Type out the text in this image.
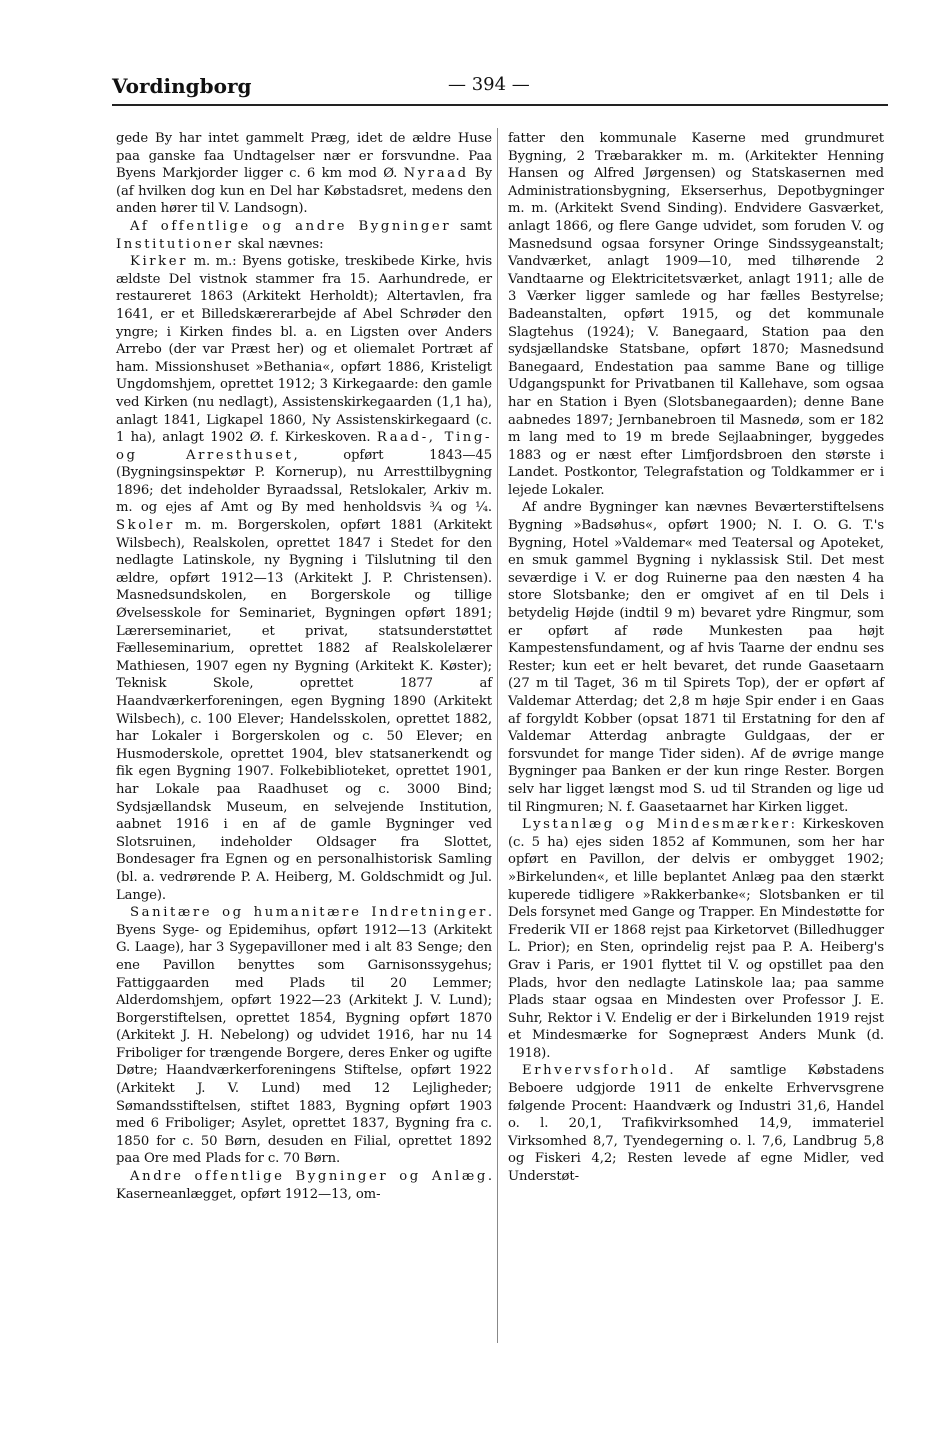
Vordingborg	— 394 —

gede By har intet gammelt Præg, idet de ældre Huse paa ganske faa Undtagelser nær er forsvundne. Paa Byens Markjorder ligger c. 6 km mod Ø. Nyraad By (af hvilken dog kun en Del har Købstadsret, medens den anden hører til V. Landsogn).

Af offentlige og andre Bygninger samt Institutioner skal nævnes:

Kirker m. m.: Byens gotiske, treskibede Kirke, hvis ældste Del vistnok stammer fra 15. Aarhundrede, er restaureret 1863 (Arkitekt Herholdt); Altertavlen, fra 1641, er et Billedskærerarbejde af Abel Schrøder den yngre; i Kirken findes bl. a. en Ligsten over Anders Arrebo (der var Præst her) og et oliemalet Portræt af ham. Missionshuset »Bethania«, opført 1886, Kristeligt Ungdomshjem, oprettet 1912; 3 Kirkegaarde: den gamle ved Kirken (nu nedlagt), Assistenskirkegaarden (1,1 ha), anlagt 1841, Ligkapel 1860, Ny Assistenskirkegaard (c. 1 ha), anlagt 1902 Ø. f. Kirkeskoven. Raad-, Ting- og Arresthuset, opført 1843—45 (Bygningsinspektør P. Kornerup), nu Arresttilbygning 1896; det indeholder Byraadssal, Retslokaler, Arkiv m. m. og ejes af Amt og By med henholdsvis ¾ og ¼. Skoler m. m. Borgerskolen, opført 1881 (Arkitekt Wilsbech), Realskolen, oprettet 1847 i Stedet for den nedlagte Latinskole, ny Bygning i Tilslutning til den ældre, opført 1912—13 (Arkitekt J. P. Christensen). Masnedsundskolen, en Borgerskole og tillige Øvelsesskole for Seminariet, Bygningen opført 1891; Lærerseminariet, et privat, statsunderstøttet Fælleseminarium, oprettet 1882 af Realskolelærer Mathiesen, 1907 egen ny Bygning (Arkitekt K. Køster); Teknisk Skole, oprettet 1877 af Haandværkerforeningen, egen Bygning 1890 (Arkitekt Wilsbech), c. 100 Elever; Handelsskolen, oprettet 1882, har Lokaler i Borgerskolen og c. 50 Elever; en Husmoderskole, oprettet 1904, blev statsanerkendt og fik egen Bygning 1907. Folkebiblioteket, oprettet 1901, har Lokale paa Raadhuset og c. 3000 Bind; Sydsjællandsk Museum, en selvejende Institution, aabnet 1916 i en af de gamle Bygninger ved Slotsruinen, indeholder Oldsager fra Slottet, Bondesager fra Egnen og en personalhistorisk Samling (bl. a. vedrørende P. A. Heiberg, M. Goldschmidt og Jul. Lange).

Sanitære og humanitære Indretninger. Byens Syge- og Epidemihus, opført 1912—13 (Arkitekt G. Laage), har 3 Sygepavilloner med i alt 83 Senge; den ene Pavillon benyttes som Garnisonssygehus; Fattiggaarden med Plads til 20 Lemmer; Alderdomshjem, opført 1922—23 (Arkitekt J. V. Lund); Borgerstiftelsen, oprettet 1854, Bygning opført 1870 (Arkitekt J. H. Nebelong) og udvidet 1916, har nu 14 Friboliger for trængende Borgere, deres Enker og ugifte Døtre; Haandværkerforeningens Stiftelse, opført 1922 (Arkitekt J. V. Lund) med 12 Lejligheder; Sømandsstiftelsen, stiftet 1883, Bygning opført 1903 med 6 Friboliger; Asylet, oprettet 1837, Bygning fra c. 1850 for c. 50 Børn, desuden en Filial, oprettet 1892 paa Ore med Plads for c. 70 Børn.

Andre offentlige Bygninger og Anlæg. Kaserneanlægget, opført 1912—13, om-

fatter den kommunale Kaserne med grundmuret Bygning, 2 Træbarakker m. m. (Arkitekter Henning Hansen og Alfred Jørgensen) og Statskasernen med Administrationsbygning, Ekserserhus, Depotbygninger m. m. (Arkitekt Svend Sinding). Endvidere Gasværket, anlagt 1866, og flere Gange udvidet, som foruden V. og Masnedsund ogsaa forsyner Oringe Sindssygeanstalt; Vandværket, anlagt 1909—10, med tilhørende 2 Vandtaarne og Elektricitetsværket, anlagt 1911; alle de 3 Værker ligger samlede og har fælles Bestyrelse; Badeanstalten, opført 1915, og det kommunale Slagtehus (1924); V. Banegaard, Station paa den sydsjællandske Statsbane, opført 1870; Masnedsund Banegaard, Endestation paa samme Bane og tillige Udgangspunkt for Privatbanen til Kallehave, som ogsaa har en Station i Byen (Slotsbanegaarden); denne Bane aabnedes 1897; Jernbanebroen til Masnedø, som er 182 m lang med to 19 m brede Sejlaabninger, byggedes 1883 og er næst efter Limfjordsbroen den største i Landet. Postkontor, Telegrafstation og Toldkammer er i lejede Lokaler.

Af andre Bygninger kan nævnes Beværterstiftelsens Bygning »Badsøhus«, opført 1900; N. I. O. G. T.'s Bygning, Hotel »Valdemar« med Teatersal og Apoteket, en smuk gammel Bygning i nyklassisk Stil. Det mest seværdige i V. er dog Ruinerne paa den næsten 4 ha store Slotsbanke; den er omgivet af en til Dels i betydelig Højde (indtil 9 m) bevaret ydre Ringmur, som er opført af røde Munkesten paa højt Kampestensfundament, og af hvis Taarne der endnu ses Rester; kun eet er helt bevaret, det runde Gaasetaarn (27 m til Taget, 36 m til Spirets Top), der er opført af Valdemar Atterdag; det 2,8 m høje Spir ender i en Gaas af forgyldt Kobber (opsat 1871 til Erstatning for den af Valdemar Atterdag anbragte Guldgaas, der er forsvundet for mange Tider siden). Af de øvrige mange Bygninger paa Banken er der kun ringe Rester. Borgen selv har ligget længst mod S. ud til Stranden og lige ud til Ringmuren; N. f. Gaasetaarnet har Kirken ligget.

Lystanlæg og Mindesmærker: Kirkeskoven (c. 5 ha) ejes siden 1852 af Kommunen, som her har opført en Pavillon, der delvis er ombygget 1902; »Birkelunden«, et lille beplantet Anlæg paa den stærkt kuperede tidligere »Rakkerbanke«; Slotsbanken er til Dels forsynet med Gange og Trapper. En Mindestøtte for Frederik VII er 1868 rejst paa Kirketorvet (Billedhugger L. Prior); en Sten, oprindelig rejst paa P. A. Heiberg's Grav i Paris, er 1901 flyttet til V. og opstillet paa den Plads, hvor den nedlagte Latinskole laa; paa samme Plads staar ogsaa en Mindesten over Professor J. E. Suhr, Rektor i V. Endelig er der i Birkelunden 1919 rejst et Mindesmærke for Sognepræst Anders Munk (d. 1918).

Erhvervsforhold. Af samtlige Købstadens Beboere udgjorde 1911 de enkelte Erhvervsgrene følgende Procent: Haandværk og Industri 31,6, Handel o. l. 20,1, Trafikvirksomhed 14,9, immateriel Virksomhed 8,7, Tyendegerning o. l. 7,6, Landbrug 5,8 og Fiskeri 4,2; Resten levede af egne Midler, ved Understøt-
